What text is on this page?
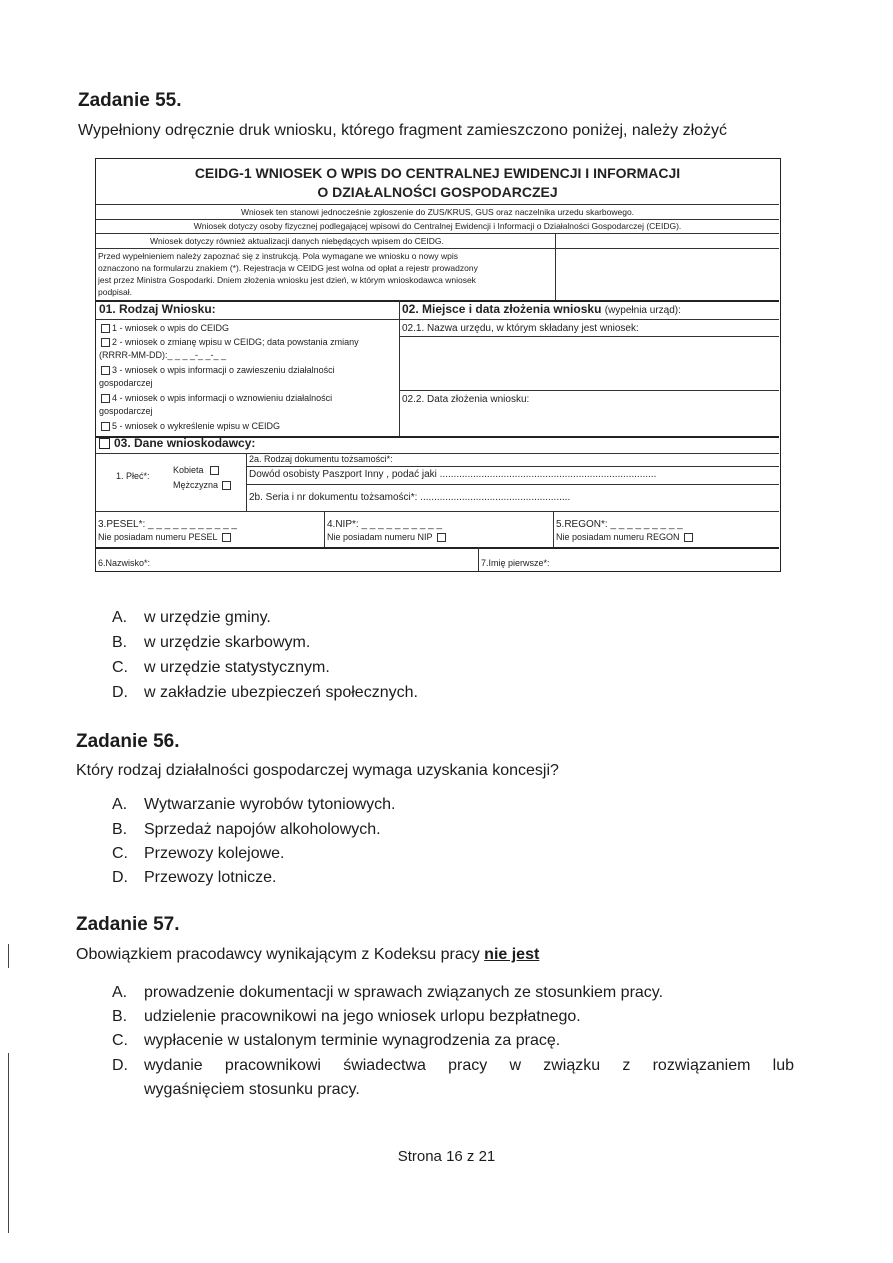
Zadanie 55.
Wypełniony odręcznie druk wniosku, którego fragment zamieszczono poniżej, należy złożyć
CEIDG-1 WNIOSEK O WPIS DO CENTRALNEJ EWIDENCJI I INFORMACJI
O DZIAŁALNOŚCI GOSPODARCZEJ
Wniosek ten stanowi jednocześnie zgłoszenie do ZUS/KRUS, GUS oraz naczelnika urzedu skarbowego.
Wniosek dotyczy osoby fizycznej podlegającej wpisowi do Centralnej Ewidencji i Informacji o Działalności Gospodarczej (CEIDG).
Wniosek dotyczy również aktualizacji danych niebędących wpisem do CEIDG.
Przed wypełnieniem należy zapoznać się z instrukcją. Pola wymagane we wniosku o nowy wpis
oznaczono na formularzu znakiem (*). Rejestracja w CEIDG jest wolna od opłat a rejestr prowadzony
jest przez Ministra Gospodarki. Dniem złożenia wniosku jest dzień, w którym wnioskodawca wniosek
podpisał.
01. Rodzaj Wniosku:
1 - wniosek o wpis do CEIDG
2 - wniosek o zmianę wpisu w CEIDG; data powstania zmiany
(RRRR-MM-DD):_ _ _ _-_ _-_ _
3 - wniosek o wpis informacji o zawieszeniu działalności
gospodarczej
4 - wniosek o wpis informacji o wznowieniu działalności
gospodarczej
5 - wniosek o wykreślenie wpisu w CEIDG
02. Miejsce i data złożenia wniosku (wypełnia urząd):
02.1. Nazwa urzędu, w którym składany jest wniosek:
02.2. Data złożenia wniosku:
03. Dane wnioskodawcy:
1. Płeć*:
Kobieta
Mężczyzna
2a. Rodzaj dokumentu tożsamości*:
Dowód osobisty Paszport Inny , podać jaki ..............................................................................
2b. Seria i nr dokumentu tożsamości*: ......................................................
3.PESEL*: _ _ _ _ _ _ _ _ _ _ _
Nie posiadam numeru PESEL
4.NIP*: _ _ _ _ _ _ _ _ _ _
Nie posiadam numeru NIP
5.REGON*: _ _ _ _ _ _ _ _ _
Nie posiadam numeru REGON
6.Nazwisko*:	7.Imię pierwsze*:
A. w urzędzie gminy.
B. w urzędzie skarbowym.
C. w urzędzie statystycznym.
D. w zakładzie ubezpieczeń społecznych.
Zadanie 56.
Który rodzaj działalności gospodarczej wymaga uzyskania koncesji?
A. Wytwarzanie wyrobów tytoniowych.
B. Sprzedaż napojów alkoholowych.
C. Przewozy kolejowe.
D. Przewozy lotnicze.
Zadanie 57.
Obowiązkiem pracodawcy wynikającym z Kodeksu pracy nie jest
A. prowadzenie dokumentacji w sprawach związanych ze stosunkiem pracy.
B. udzielenie pracownikowi na jego wniosek urlopu bezpłatnego.
C. wypłacenie w ustalonym terminie wynagrodzenia za pracę.
D. wydanie pracownikowi świadectwa pracy w związku z rozwiązaniem lub
wygaśnięciem stosunku pracy.
Strona 16 z 21
